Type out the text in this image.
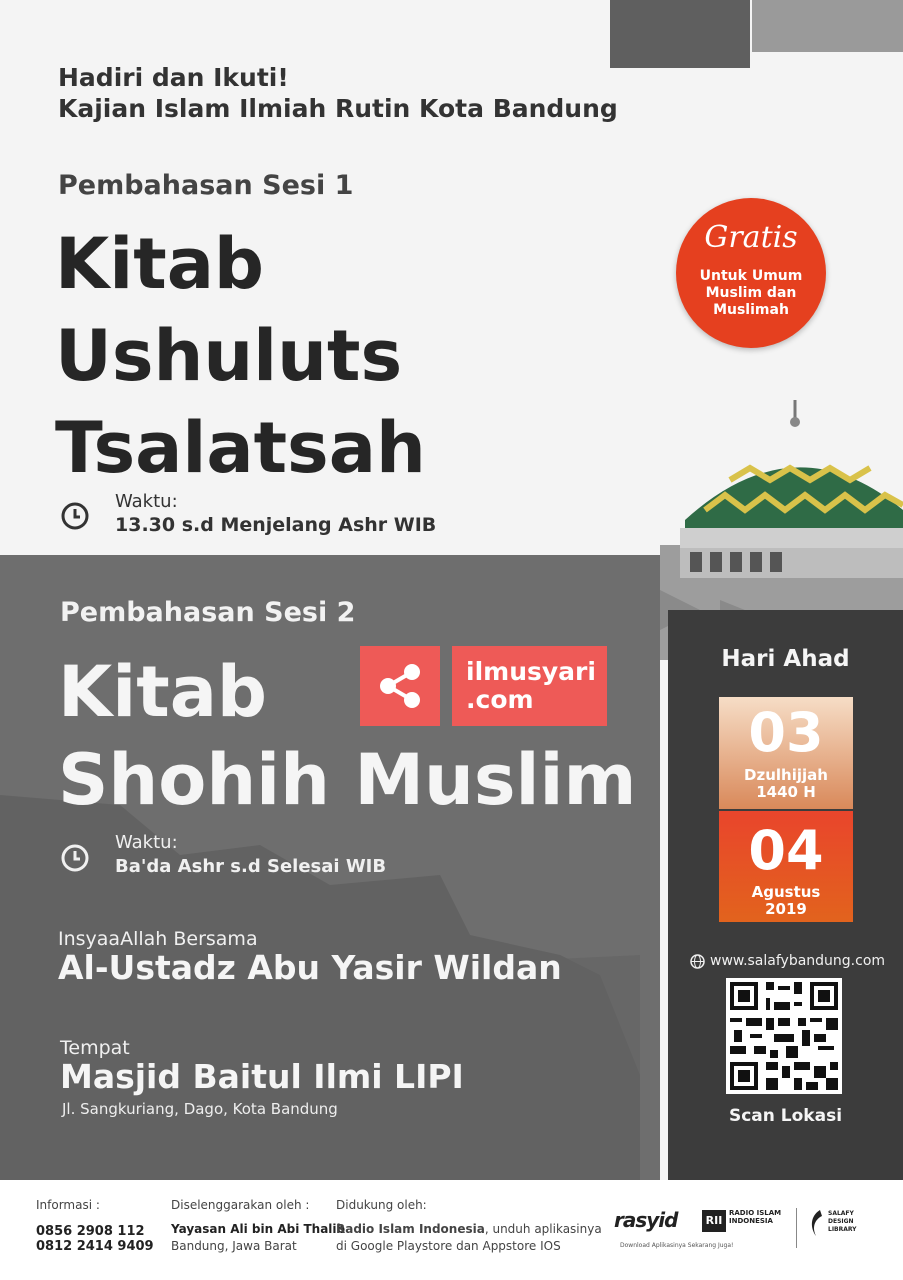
Hadiri dan Ikuti!
Kajian Islam Ilmiah Rutin Kota Bandung
Pembahasan Sesi 1
Kitab
Ushuluts
Tsalatsah
Waktu:
13.30 s.d Menjelang Ashr WIB
Gratis
Untuk Umum
Muslim dan
Muslimah
Pembahasan Sesi 2
Kitab
Shohih Muslim
Waktu:
Ba'da Ashr s.d Selesai WIB
InsyaaAllah Bersama
Al-Ustadz Abu Yasir Wildan
Tempat
Masjid Baitul Ilmi LIPI
Jl. Sangkuriang, Dago, Kota Bandung
ilmusyari
.com
Hari Ahad
03
Dzulhijjah
1440 H
04
Agustus
2019
www.salafybandung.com
Scan Lokasi
Informasi :
0856 2908 112
0812 2414 9409
Diselenggarakan oleh :
Yayasan Ali bin Abi Thalib
Bandung, Jawa Barat
Didukung oleh:
Radio Islam Indonesia, unduh aplikasinya
di Google Playstore dan Appstore IOS
rasyid
Download Aplikasinya Sekarang Juga!
RII
RADIO ISLAM
INDONESIA
SALAFY
DESIGN
LIBRARY
